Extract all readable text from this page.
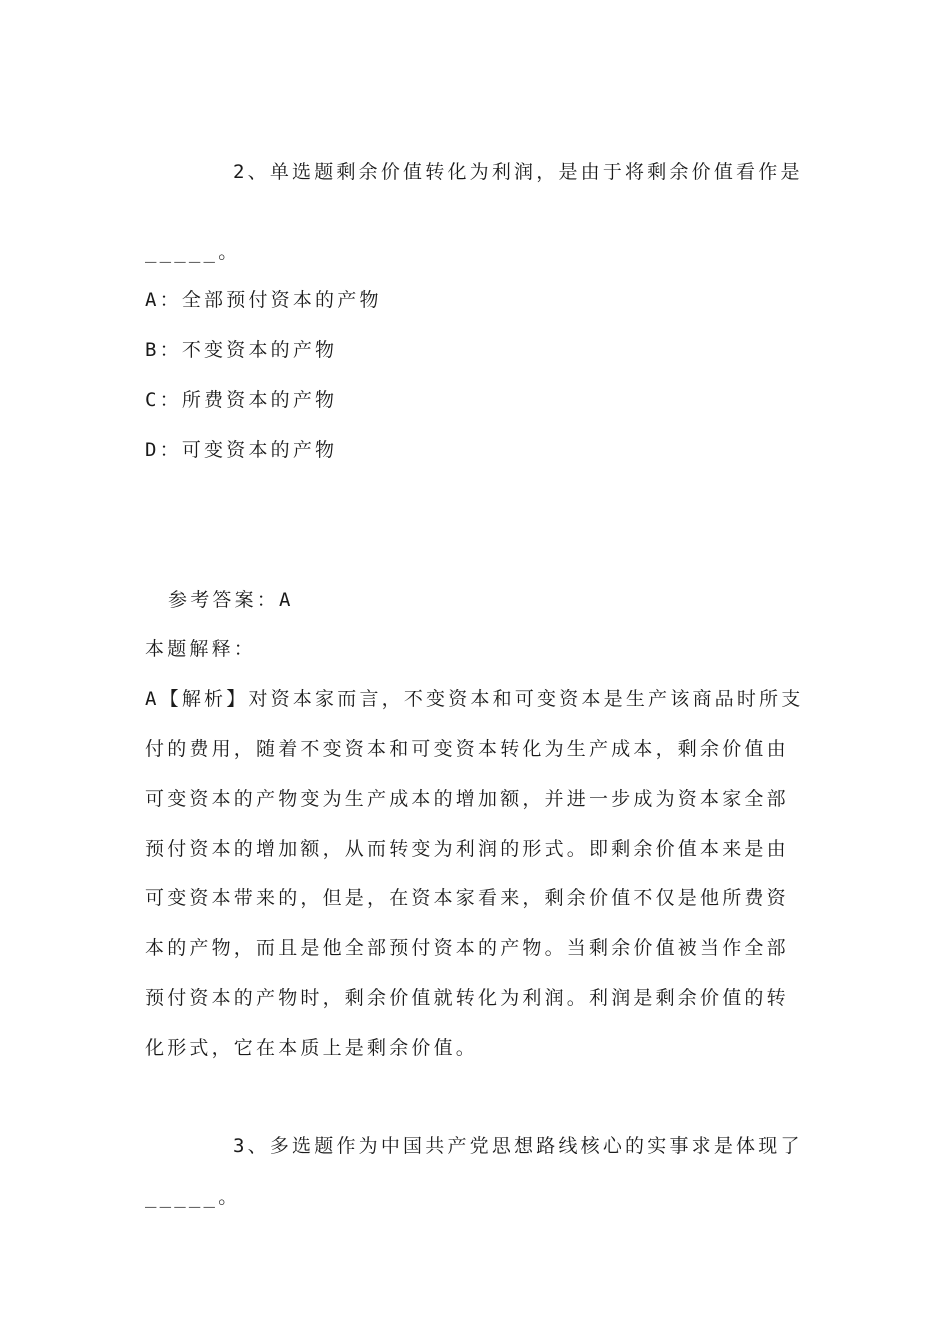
2、单选题剩余价值转化为利润，是由于将剩余价值看作是
_____。
A：全部预付资本的产物
B：不变资本的产物
C：所费资本的产物
D：可变资本的产物
参考答案：A
本题解释：
A【解析】对资本家而言，不变资本和可变资本是生产该商品时所支
付的费用，随着不变资本和可变资本转化为生产成本，剩余价值由
可变资本的产物变为生产成本的增加额，并进一步成为资本家全部
预付资本的增加额，从而转变为利润的形式。即剩余价值本来是由
可变资本带来的，但是，在资本家看来，剩余价值不仅是他所费资
本的产物，而且是他全部预付资本的产物。当剩余价值被当作全部
预付资本的产物时，剩余价值就转化为利润。利润是剩余价值的转
化形式，它在本质上是剩余价值。
3、多选题作为中国共产党思想路线核心的实事求是体现了
_____。
